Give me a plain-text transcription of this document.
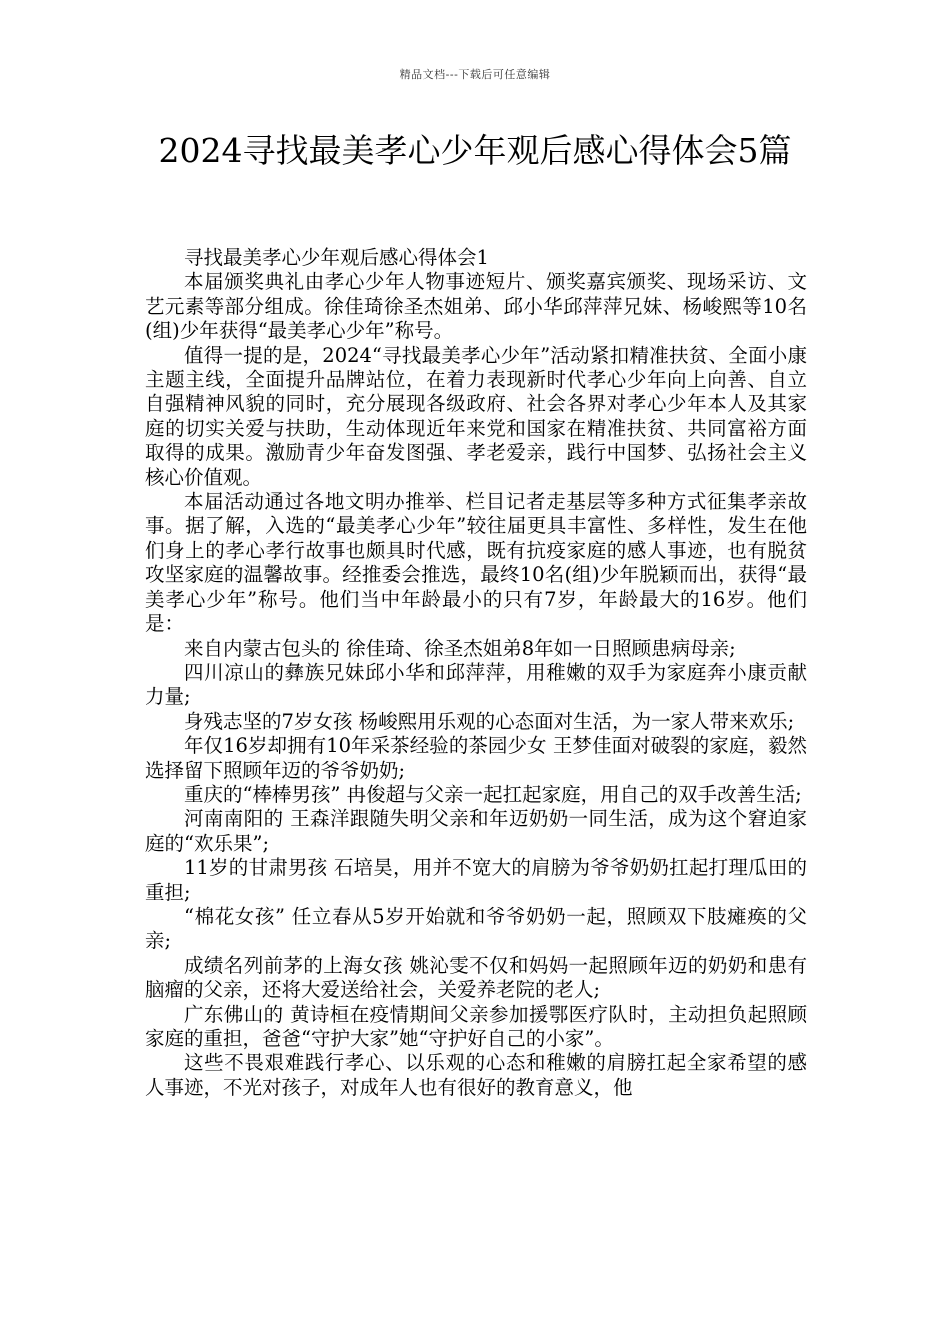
精品文档---下载后可任意编辑
2024寻找最美孝心少年观后感心得体会5篇

寻找最美孝心少年观后感心得体会1

本届颁奖典礼由孝心少年人物事迹短片、颁奖嘉宾颁奖、现场采访、文艺元素等部分组成。徐佳琦徐圣杰姐弟、邱小华邱萍萍兄妹、杨峻熙等10名(组)少年获得“最美孝心少年”称号。

值得一提的是，2024“寻找最美孝心少年”活动紧扣精准扶贫、全面小康主题主线，全面提升品牌站位，在着力表现新时代孝心少年向上向善、自立自强精神风貌的同时，充分展现各级政府、社会各界对孝心少年本人及其家庭的切实关爱与扶助，生动体现近年来党和国家在精准扶贫、共同富裕方面取得的成果。激励青少年奋发图强、孝老爱亲，践行中国梦、弘扬社会主义核心价值观。

本届活动通过各地文明办推举、栏目记者走基层等多种方式征集孝亲故事。据了解，入选的“最美孝心少年”较往届更具丰富性、多样性，发生在他们身上的孝心孝行故事也颇具时代感，既有抗疫家庭的感人事迹，也有脱贫攻坚家庭的温馨故事。经推委会推选，最终10名(组)少年脱颖而出，获得“最美孝心少年”称号。他们当中年龄最小的只有7岁，年龄最大的16岁。他们是：

来自内蒙古包头的 徐佳琦、徐圣杰姐弟8年如一日照顾患病母亲;

四川凉山的彝族兄妹邱小华和邱萍萍，用稚嫩的双手为家庭奔小康贡献力量;

身残志坚的7岁女孩 杨峻熙用乐观的心态面对生活，为一家人带来欢乐;

年仅16岁却拥有10年采茶经验的茶园少女 王梦佳面对破裂的家庭，毅然选择留下照顾年迈的爷爷奶奶;

重庆的“棒棒男孩” 冉俊超与父亲一起扛起家庭，用自己的双手改善生活;

河南南阳的 王森洋跟随失明父亲和年迈奶奶一同生活，成为这个窘迫家庭的“欢乐果”;

11岁的甘肃男孩 石培昊，用并不宽大的肩膀为爷爷奶奶扛起打理瓜田的重担;

“棉花女孩” 任立春从5岁开始就和爷爷奶奶一起，照顾双下肢瘫痪的父亲;

成绩名列前茅的上海女孩 姚沁雯不仅和妈妈一起照顾年迈的奶奶和患有脑瘤的父亲，还将大爱送给社会，关爱养老院的老人;

广东佛山的 黄诗桓在疫情期间父亲参加援鄂医疗队时，主动担负起照顾家庭的重担，爸爸“守护大家”她“守护好自己的小家”。

这些不畏艰难践行孝心、以乐观的心态和稚嫩的肩膀扛起全家希望的感人事迹，不光对孩子，对成年人也有很好的教育意义，他
